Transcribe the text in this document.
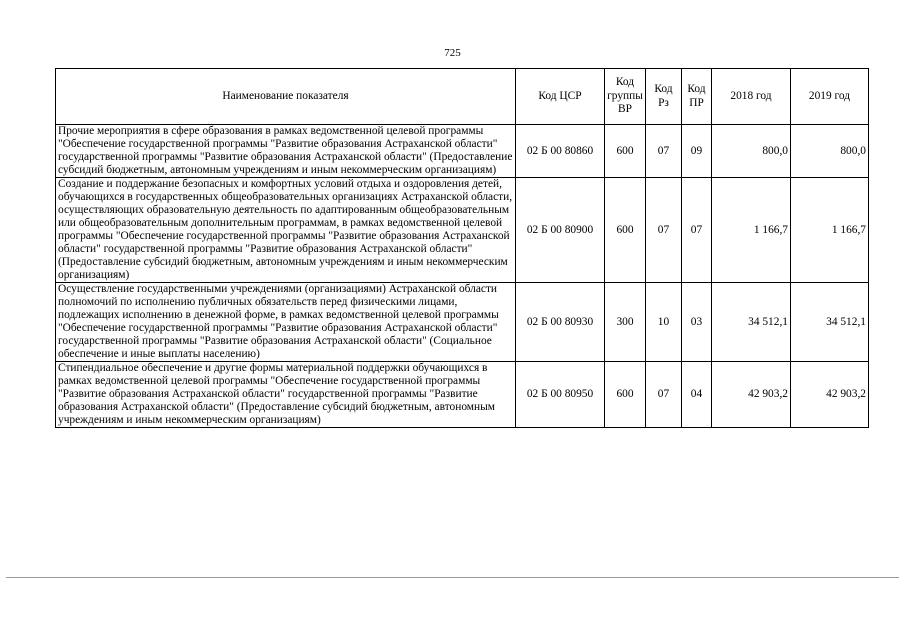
725
Наименование показателя	Код ЦСР	Код группы ВР	Код Рз	Код ПР	2018 год	2019 год
Прочие мероприятия в сфере образования в рамках ведомственной целевой программы "Обеспечение государственной программы "Развитие образования Астраханской области" государственной программы "Развитие образования Астраханской области" (Предоставление субсидий бюджетным, автономным учреждениям и иным некоммерческим организациям)	02 Б 00 80860	600	07	09	800,0	800,0
Создание и поддержание безопасных и комфортных условий отдыха и оздоровления детей, обучающихся в государственных общеобразовательных организациях Астраханской области, осуществляющих образовательную деятельность по адаптированным общеобразовательным или общеобразовательным дополнительным программам, в рамках ведомственной целевой программы "Обеспечение государственной программы "Развитие образования Астраханской области" государственной программы "Развитие образования Астраханской области" (Предоставление субсидий бюджетным, автономным учреждениям и иным некоммерческим организациям)	02 Б 00 80900	600	07	07	1 166,7	1 166,7
Осуществление государственными учреждениями (организациями) Астраханской области полномочий по исполнению публичных обязательств перед физическими лицами, подлежащих исполнению в денежной форме, в рамках ведомственной целевой программы "Обеспечение государственной программы "Развитие образования Астраханской области" государственной программы "Развитие образования Астраханской области" (Социальное обеспечение и иные выплаты населению)	02 Б 00 80930	300	10	03	34 512,1	34 512,1
Стипендиальное обеспечение и другие формы материальной поддержки обучающихся в рамках ведомственной целевой программы "Обеспечение государственной программы "Развитие образования Астраханской области" государственной программы "Развитие образования Астраханской области" (Предоставление субсидий бюджетным, автономным учреждениям и иным некоммерческим организациям)	02 Б 00 80950	600	07	04	42 903,2	42 903,2
